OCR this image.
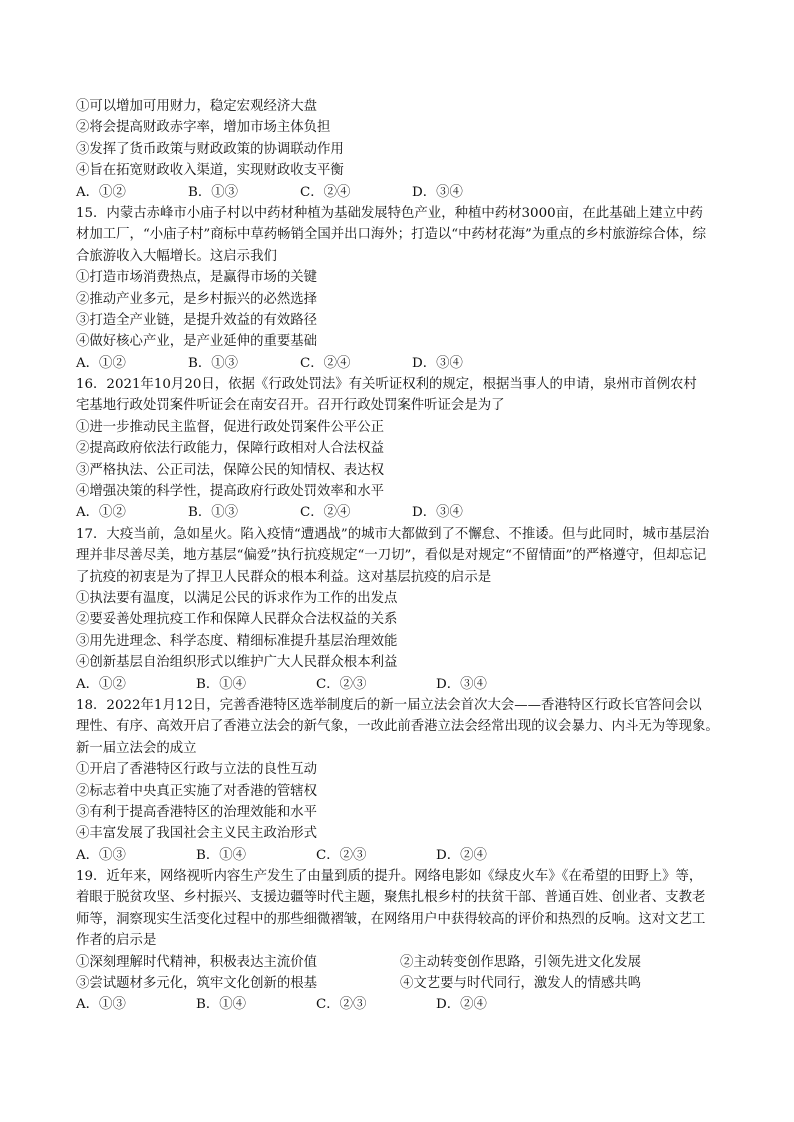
①可以增加可用财力，稳定宏观经济大盘
②将会提高财政赤字率，增加市场主体负担
③发挥了货币政策与财政政策的协调联动作用
④旨在拓宽财政收入渠道，实现财政收支平衡
A．①②	B．①③	C．②④	D．③④
15．内蒙古赤峰市小庙子村以中药材种植为基础发展特色产业，种植中药材3000亩，在此基础上建立中药
材加工厂，“小庙子村”商标中草药畅销全国并出口海外；打造以“中药材花海”为重点的乡村旅游综合体，综
合旅游收入大幅增长。这启示我们
①打造市场消费热点，是赢得市场的关键
②推动产业多元，是乡村振兴的必然选择
③打造全产业链，是提升效益的有效路径
④做好核心产业，是产业延伸的重要基础
A．①②	B．①③	C．②④	D．③④
16．2021年10月20日，依据《行政处罚法》有关听证权利的规定，根据当事人的申请，泉州市首例农村
宅基地行政处罚案件听证会在南安召开。召开行政处罚案件听证会是为了
①进一步推动民主监督，促进行政处罚案件公平公正
②提高政府依法行政能力，保障行政相对人合法权益
③严格执法、公正司法，保障公民的知情权、表达权
④增强决策的科学性，提高政府行政处罚效率和水平
A．①②	B．①③	C．②④	D．③④
17．大疫当前，急如星火。陷入疫情“遭遇战”的城市大都做到了不懈怠、不推诿。但与此同时，城市基层治
理并非尽善尽美，地方基层“偏爱”执行抗疫规定“一刀切”，看似是对规定“不留情面”的严格遵守，但却忘记
了抗疫的初衷是为了捍卫人民群众的根本利益。这对基层抗疫的启示是
①执法要有温度，以满足公民的诉求作为工作的出发点
②要妥善处理抗疫工作和保障人民群众合法权益的关系
③用先进理念、科学态度、精细标准提升基层治理效能
④创新基层自治组织形式以维护广大人民群众根本利益
A．①②	B．①④	C．②③	D．③④
18．2022年1月12日，完善香港特区选举制度后的新一届立法会首次大会——香港特区行政长官答问会以
理性、有序、高效开启了香港立法会的新气象，一改此前香港立法会经常出现的议会暴力、内斗无为等现象。
新一届立法会的成立
①开启了香港特区行政与立法的良性互动
②标志着中央真正实施了对香港的管辖权
③有利于提高香港特区的治理效能和水平
④丰富发展了我国社会主义民主政治形式
A．①③	B．①④	C．②③	D．②④
19．近年来，网络视听内容生产发生了由量到质的提升。网络电影如《绿皮火车》《在希望的田野上》等，
着眼于脱贫攻坚、乡村振兴、支援边疆等时代主题，聚焦扎根乡村的扶贫干部、普通百姓、创业者、支教老
师等，洞察现实生活变化过程中的那些细微褶皱，在网络用户中获得较高的评价和热烈的反响。这对文艺工
作者的启示是
①深刻理解时代精神，积极表达主流价值	②主动转变创作思路，引领先进文化发展
③尝试题材多元化，筑牢文化创新的根基	④文艺要与时代同行，激发人的情感共鸣
A．①③	B．①④	C．②③	D．②④
